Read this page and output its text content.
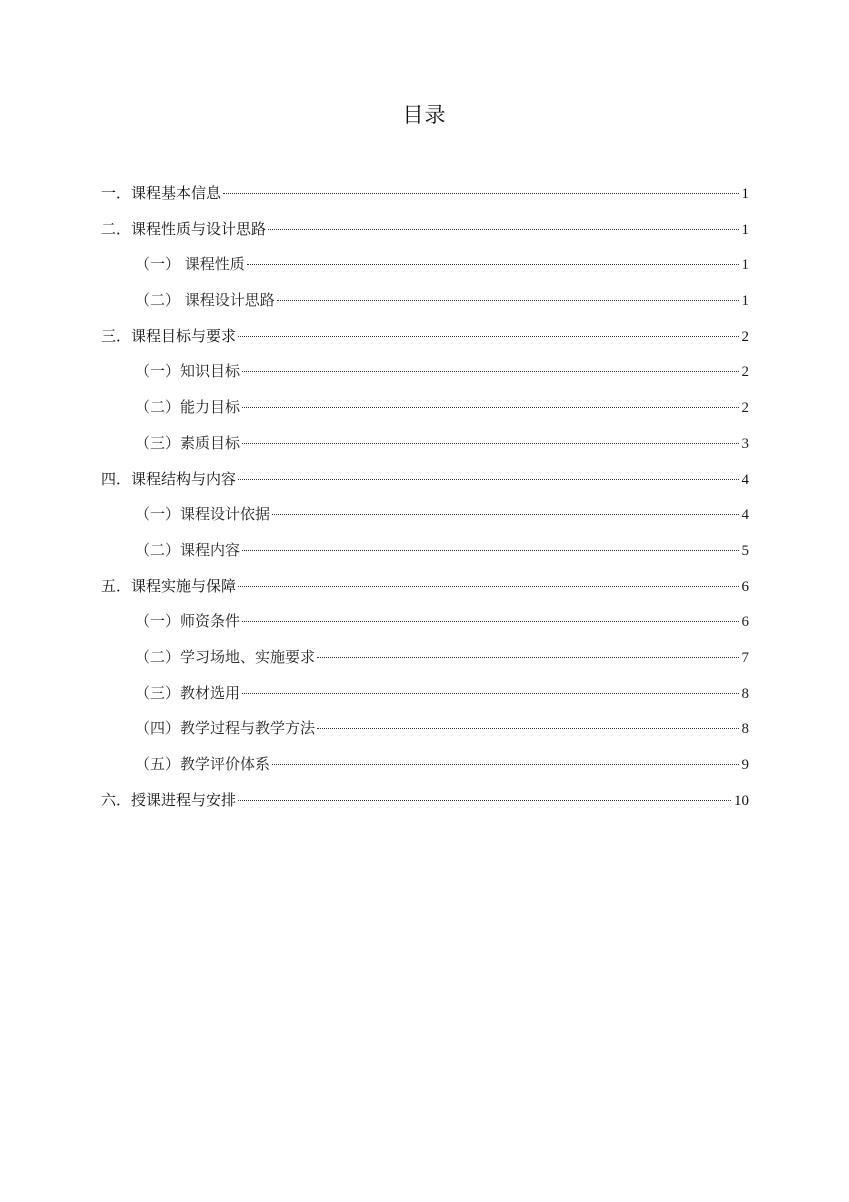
目录
一．课程基本信息	1
二．课程性质与设计思路	1
（一） 课程性质	1
（二） 课程设计思路	1
三．课程目标与要求	2
（一）知识目标	2
（二）能力目标	2
（三）素质目标	3
四．课程结构与内容	4
（一）课程设计依据	4
（二）课程内容	5
五．课程实施与保障	6
（一）师资条件	6
（二）学习场地、实施要求	7
（三）教材选用	8
（四）教学过程与教学方法	8
（五）教学评价体系	9
六．授课进程与安排	10
